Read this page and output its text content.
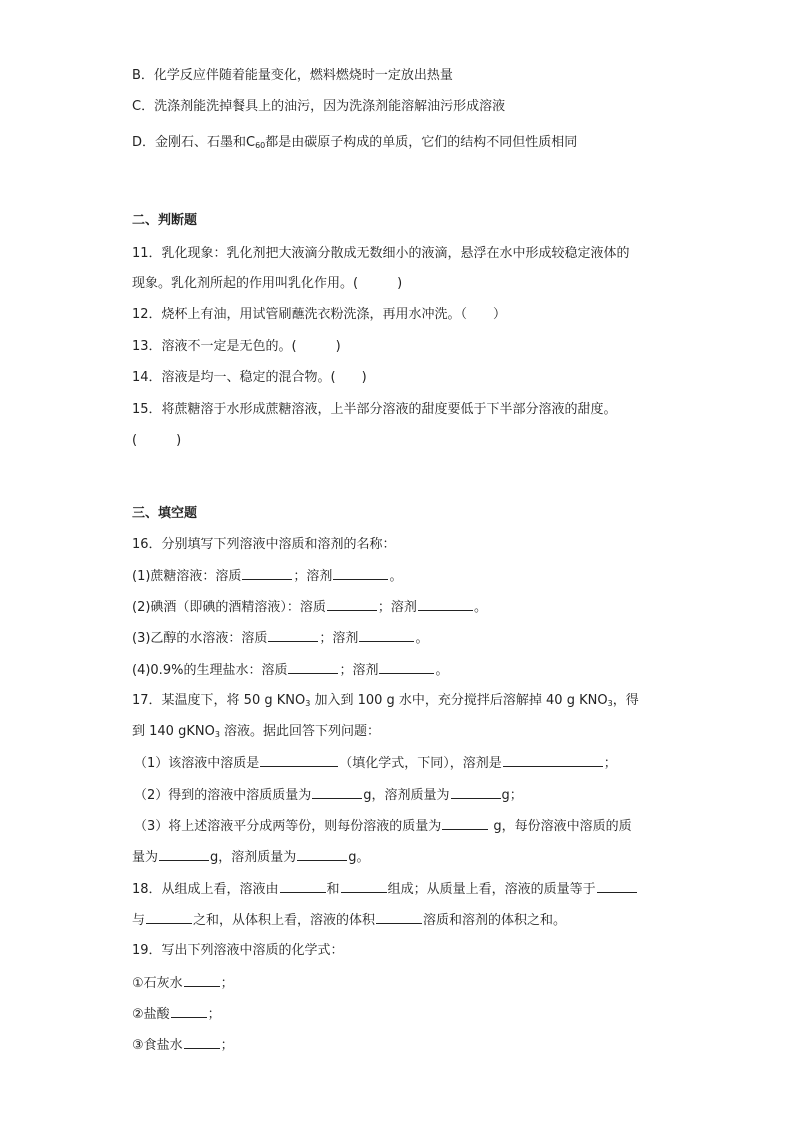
B．化学反应伴随着能量变化，燃料燃烧时一定放出热量
C．洗涤剂能洗掉餐具上的油污，因为洗涤剂能溶解油污形成溶液
D．金刚石、石墨和$C_{60}$都是由碳原子构成的单质，它们的结构不同但性质相同
二、判断题
11．乳化现象：乳化剂把大液滴分散成无数细小的液滴，悬浮在水中形成较稳定液体的
现象。乳化剂所起的作用叫乳化作用。(　　　)
12．烧杯上有油，用试管刷蘸洗衣粉洗涤，再用水冲洗。（　　）
13．溶液不一定是无色的。(　　　)
14．溶液是均一、稳定的混合物。(　　)
15．将蔗糖溶于水形成蔗糖溶液，上半部分溶液的甜度要低于下半部分溶液的甜度。
(　　　)
三、填空题
16．分别填写下列溶液中溶质和溶剂的名称：
(1)蔗糖溶液：溶质	；溶剂	。
(2)碘酒（即碘的酒精溶液）：溶质	；溶剂	。
(3)乙醇的水溶液：溶质	；溶剂	。
(4)0.9%的生理盐水：溶质	；溶剂	。
17．某温度下，将 50 g $KNO_3$ 加入到 100 g 水中，充分搅拌后溶解掉 40 g $KNO_3$，得
到 140 gKNO$_3$ 溶液。据此回答下列问题：
（1）该溶液中溶质是	（填化学式，下同），溶剂是	；
（2）得到的溶液中溶质质量为	g，溶剂质量为	g；
（3）将上述溶液平分成两等份，则每份溶液的质量为	g，每份溶液中溶质的质
量为	g，溶剂质量为	g。
18．从组成上看，溶液由	和	组成；从质量上看，溶液的质量等于
与	之和，从体积上看，溶液的体积	溶质和溶剂的体积之和。
19．写出下列溶液中溶质的化学式：
①石灰水	；
②盐酸	；
③食盐水	；
